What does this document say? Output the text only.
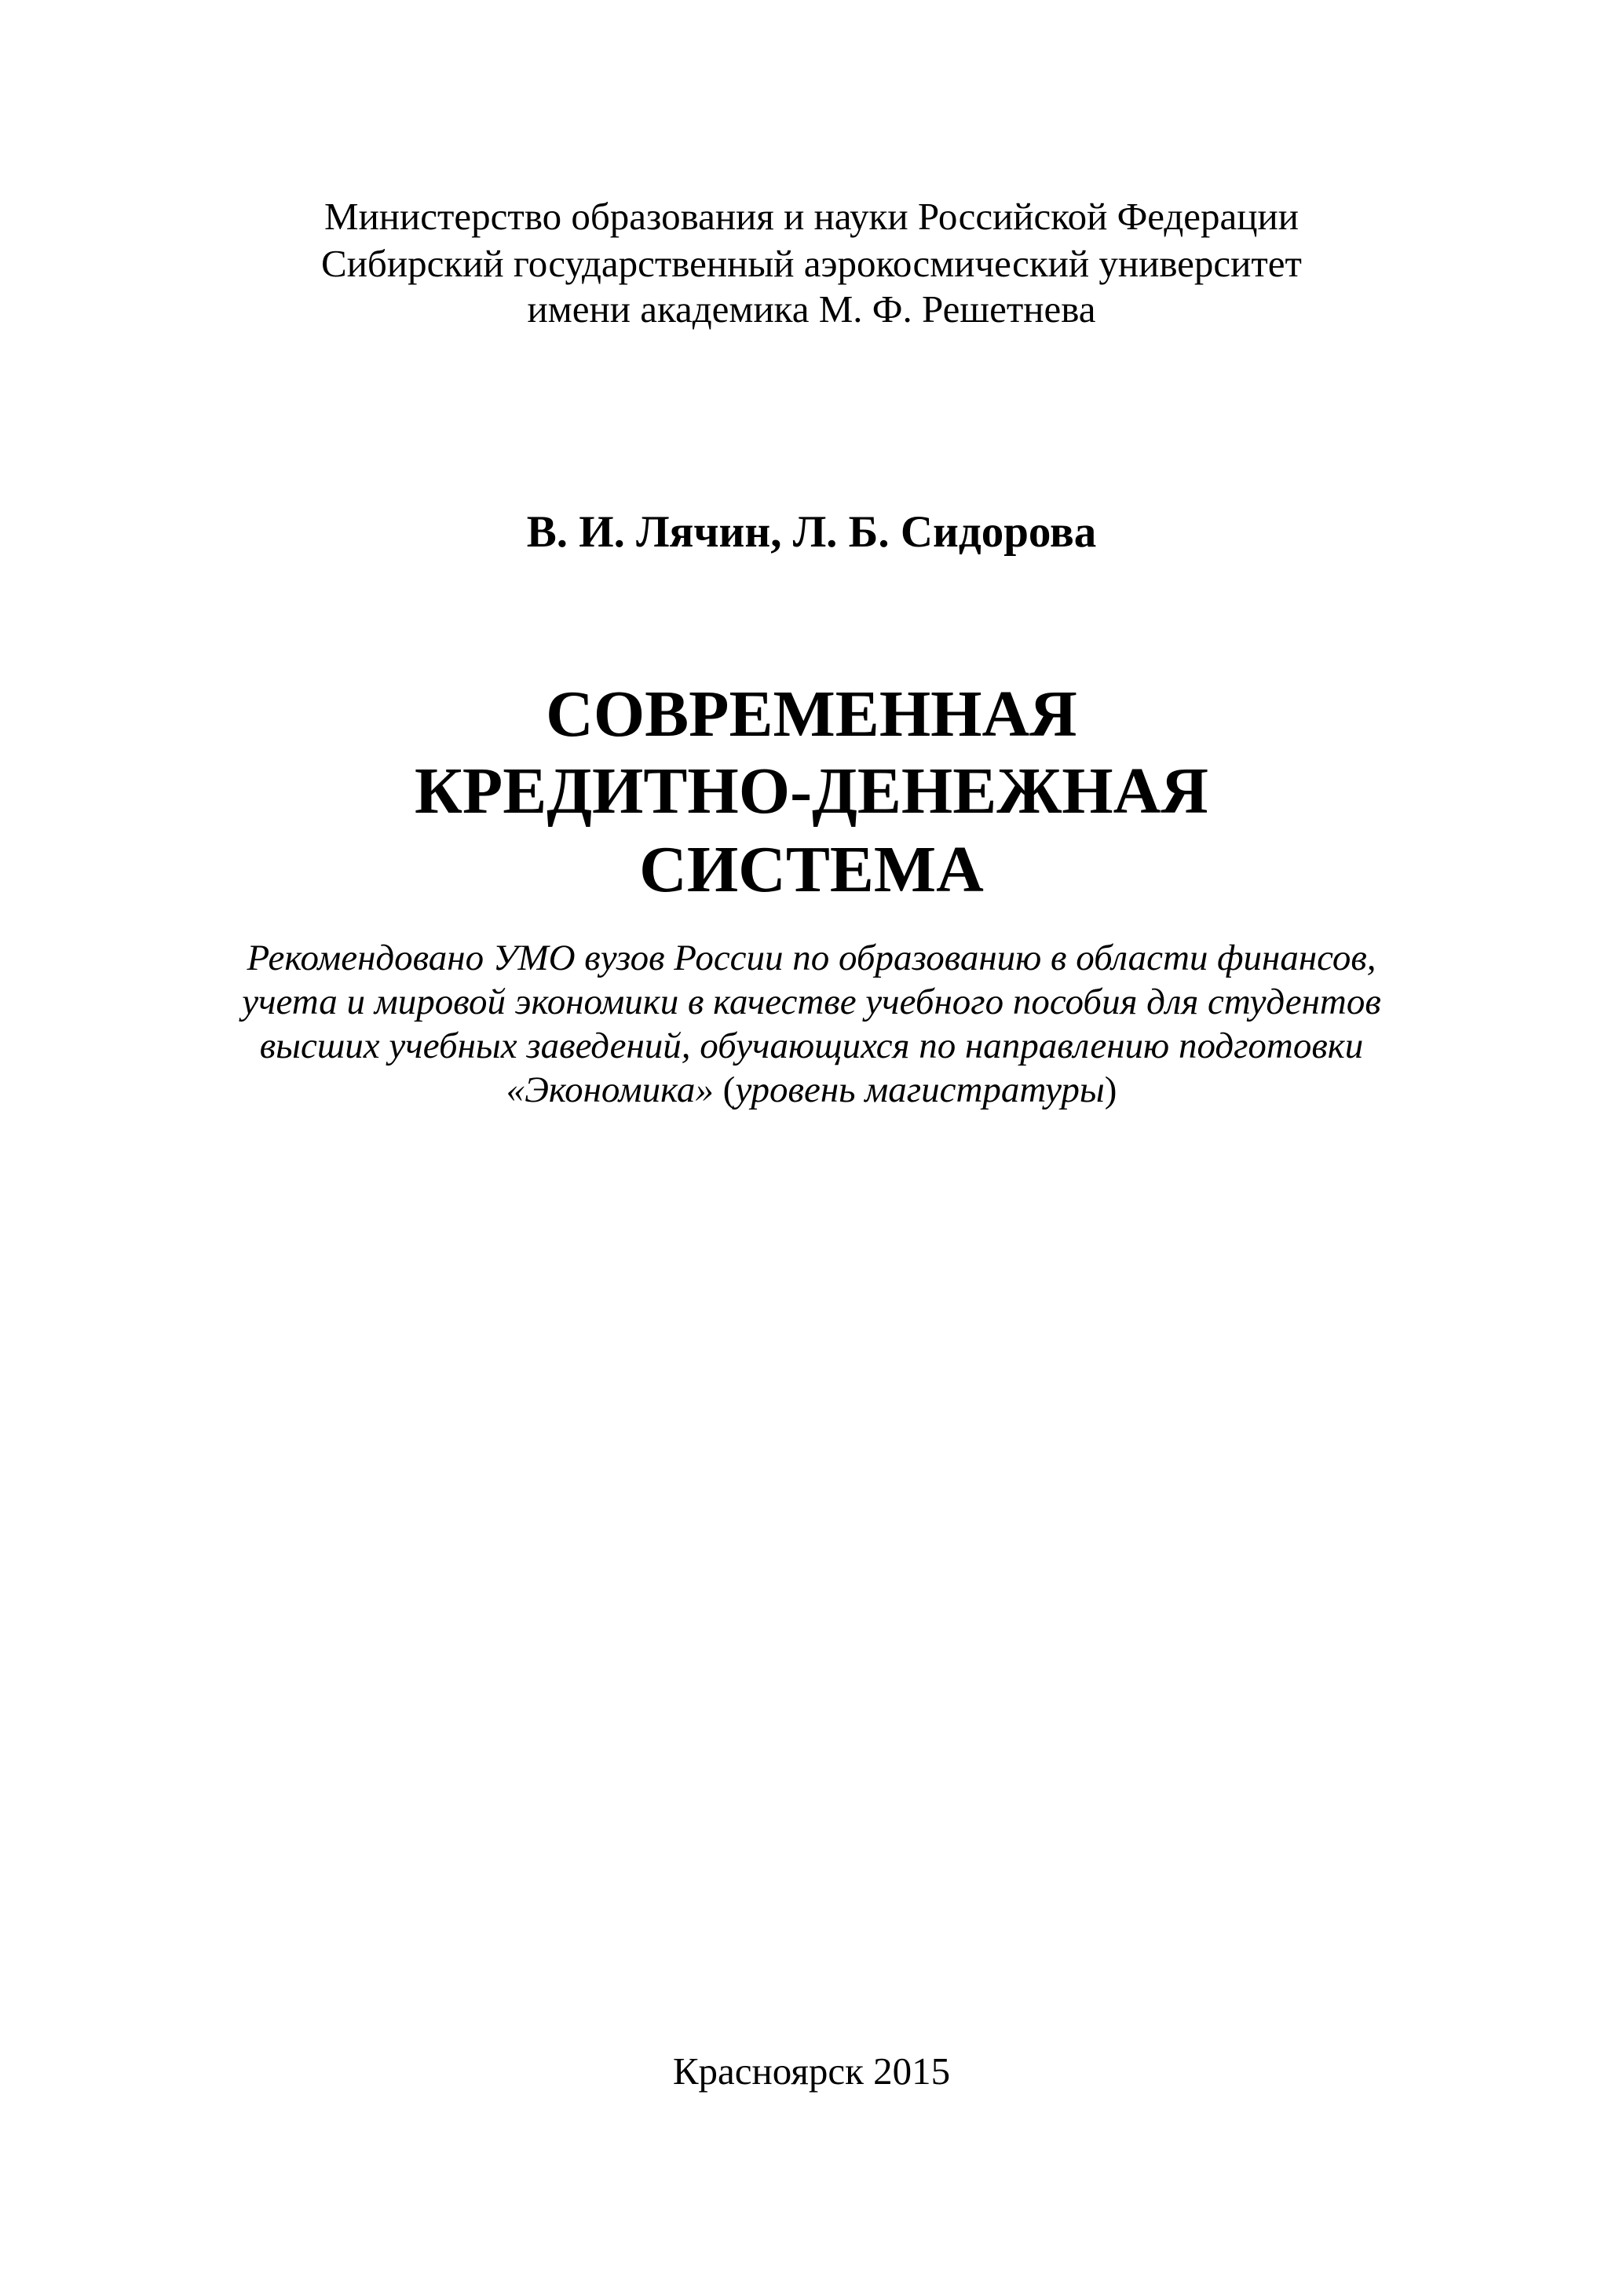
Министерство образования и науки Российской Федерации

Сибирский государственный аэрокосмический университет

имени академика М. Ф. Решетнева

В. И. Лячин, Л. Б. Сидорова

СОВРЕМЕННАЯ

КРЕДИТНО-ДЕНЕЖНАЯ

СИСТЕМА

Рекомендовано УМО вузов России по образованию в области финансов,

учета и мировой экономики в качестве учебного пособия для студентов

высших учебных заведений, обучающихся по направлению подготовки

«Экономика» (уровень магистратуры)

Красноярск 2015
